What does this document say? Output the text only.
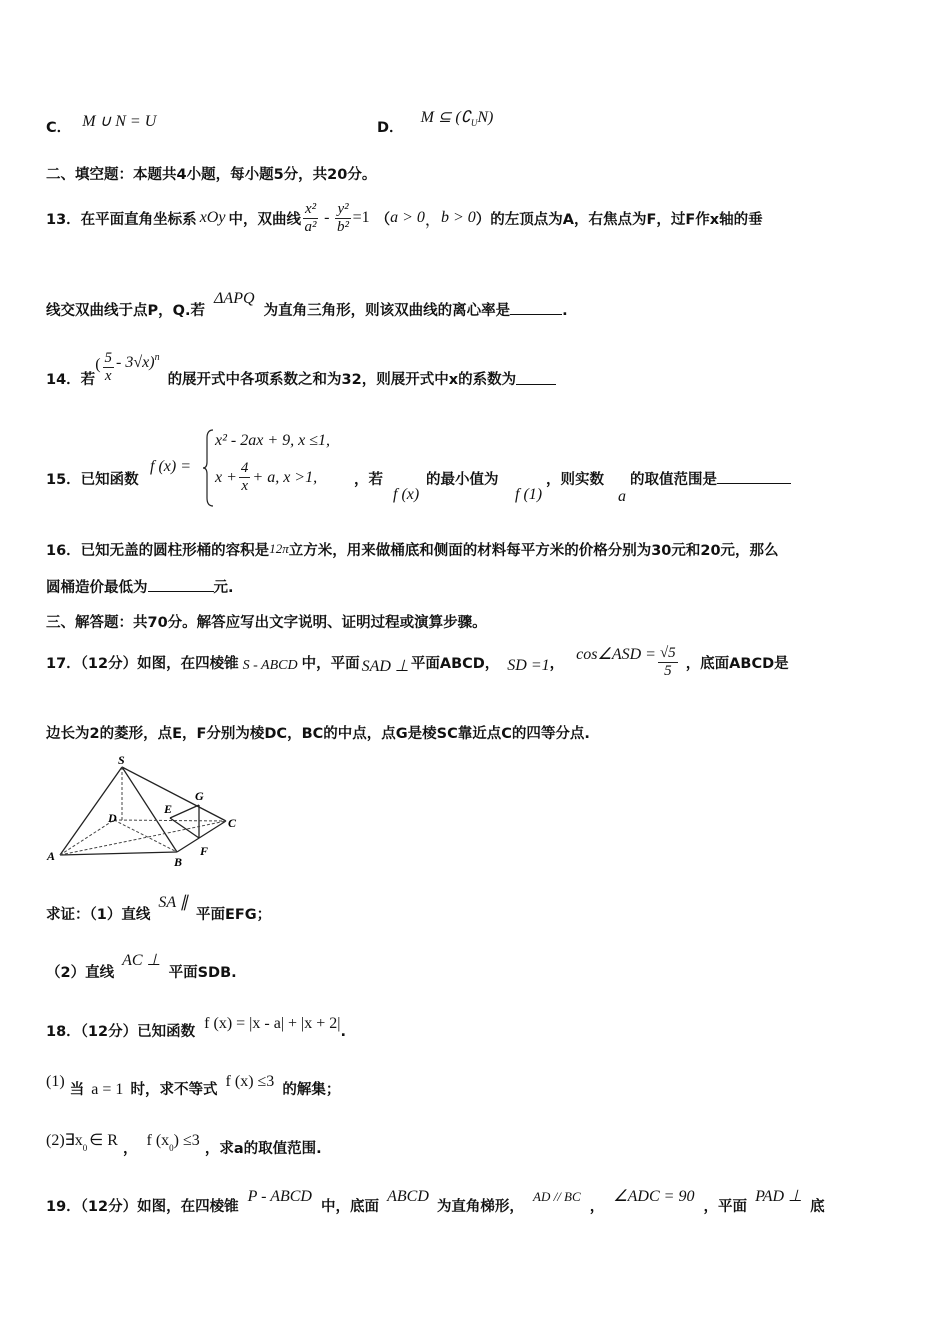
C． M ∪ N = U	D． M ⊆ $(∁_UN)$
二、填空题：本题共4小题，每小题5分，共20分。
13．在平面直角坐标系 xOy 中，双曲线 $\frac{\text{x²}}{\text{a²}} - \frac{\text{y²}}{\text{b²}} =1$ （ a > 0 ， b > 0 ） 的左顶点为A，右焦点为F，过F作x轴的垂
线交双曲线于点P，Q.若 ΔAPQ 为直角三角形，则该双曲线的离心率是	.
14．若
( $\frac{5}{x} - 3√x$) n
的展开式中各项系数之和为32，则展开式中x的系数为
15．已知函数
f (x) =
x² - 2ax + 9, x ≤1,
$x + \frac{4}{x} + a$, x >1,	，若
f (x)
的最小值为
f (1)
，则实数
a
的取值范围是
16．已知无盖的圆柱形桶的容积是12π立方米，用来做桶底和侧面的材料每平方米的价格分别为30元和20元，那么
圆桶造价最低为	元.
三、解答题：共70分。解答应写出文字说明、证明过程或演算步骤。
17．（12分）如图，在四棱锥 S - ABCD 中，平面 SAD ⊥ 平面ABCD， SD =1 ，
cos∠ASD = $\frac{√5}{5}$ ，底面ABCD是
边长为2的菱形，点E，F分别为棱DC，BC的中点，点G是棱SC靠近点C的四等分点.
S
G
E
D	C
A	B
F
求证：（1）直线 SA ∥ 平面EFG；
（2）直线 AC ⊥ 平面SDB.
18．（12分）已知函数 f (x) = |x - a| + |x + 2|.
(1) 当 a = 1 时，求不等式 f (x) ≤3 的解集；
$(2)\exists x_0$ ∈ R ， f $(x_0) \le 3$ ，求a的取值范围.
19．（12分）如图，在四棱锥 P - ABCD 中，底面 ABCD 为直角梯形， AD // BC ， ∠ADC = 90 ，平面 PAD ⊥ 底
